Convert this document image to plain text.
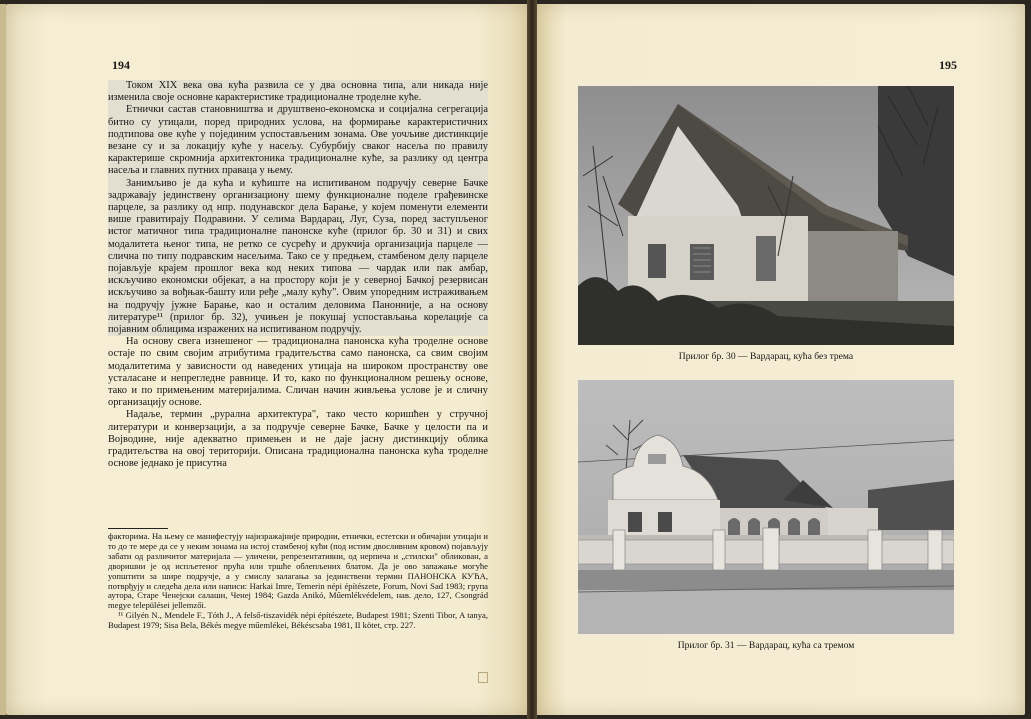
194

Током XIX века ова кућа развила се у два основна типа, али никада није изменила своје основне карактеристике традиционалне троделне кућe.

Етнички састав становништва и друштвено-економска и социјална сегрегација битно су утицали, поред природних услова, на формирање карактеристичних подтипова ове куће у појединим успостављеним зонама. Ове уочљиве дистинкције везане су и за локацију куће у насељу. Субурбију сваког насеља по правилу карактерише скромнија архитектоника традиционалне куће, за разлику од центра насеља и главних путних праваца у њему.

Занимљиво је да кућа и кућиште на испитиваном подручју северне Бачке задржавају јединствену организациону шему функционалне поделе грађевинске парцеле, за разлику од нпр. подунавског дела Барање, у којем поменути елементи више гравитирају Подравини. У селима Вардарац, Луг, Суза, поред заступљеног истог матичног типа традиционалне панонске куће (прилог бр. 30 и 31) и свих модалитета њеног типа, не ретко се сусрећу и друкчија организација парцеле — слична по типу подравским насељима. Тако се у предњем, стамбеном делу парцеле појављује крајем прошлог века код неких типова — чардак или пак амбар, искључиво економски објекат, а на простору који је у северној Бачкој резервисан искључиво за вођњак-башту или ређе „малу кућу". Овим упоредним истраживањем на подручју јужне Барање, као и осталим деловима Панонније, а на основу литературе¹¹ (прилог бр. 32), учињен је покушај успостављања корелације са појавним облицима изражених на испитиваном подручју.

На основу свега изнешеног — традиционална панонска кућа троделне основе остаје по свим својим атрибутима градитељства само панонска, са свим својим модалитетима у зависности од наведених утицаја на широком пространству ове усталасане и непрегледне равнице. И то, како по функционалном решењу основе, тако и по примењеним материјалима. Сличан начин живљења услове је и сличну организацију основе.

Надаље, термин „рурална архитектура", тако често коришћен у стручној литератури и конверзацији, а за подручје северне Бачке, Бачке у целости па и Војводине, није адекватно примењен и не даје јасну дистинкцију облика градитељства на овој територији. Описана традиционална панонска кућа троделне основе једнако је присутна

факторима. На њему се манифестују најизражајније природни, етнички, естетски и обичајни утицаји и то до те мере да се у неким зонама на истој стамбеној кући (под истим двосливним кровом) појављују забати од различитог материјала — уличени, репрезентативни, од нерпича и „стилски" обликован, а дворишни је од испљетеног прућа или тршће облепљених блатом. Да је ово запажање могуће уопштити за шире подручје, а у смислу залагања за јединствени термин ПАНОНСКА КУЋА, потврђују и следећа дела или написи: Harkai Imre, Temerin népi építészete, Forum, Novi Sad 1983; група аутора, Старе Ченејски салаши, Ченеј 1984; Gazda Anikó, Műemlékvédelem, нав. дело, 127, Csongrád megye települései jellemzői.

¹¹ Gilyén N., Mendele F., Tóth J., A felső-tiszavidék népi építészete, Budapest 1981; Szenti Tibor, A tanya, Budapest 1979; Sisa Bela, Békés megye műemlékei, Békéscsaba 1981, II kötet, стр. 227.

195
Прилог бр. 30 — Вардарац, кућа без трема
Прилог бр. 31 — Вардарац, кућа са тремом
